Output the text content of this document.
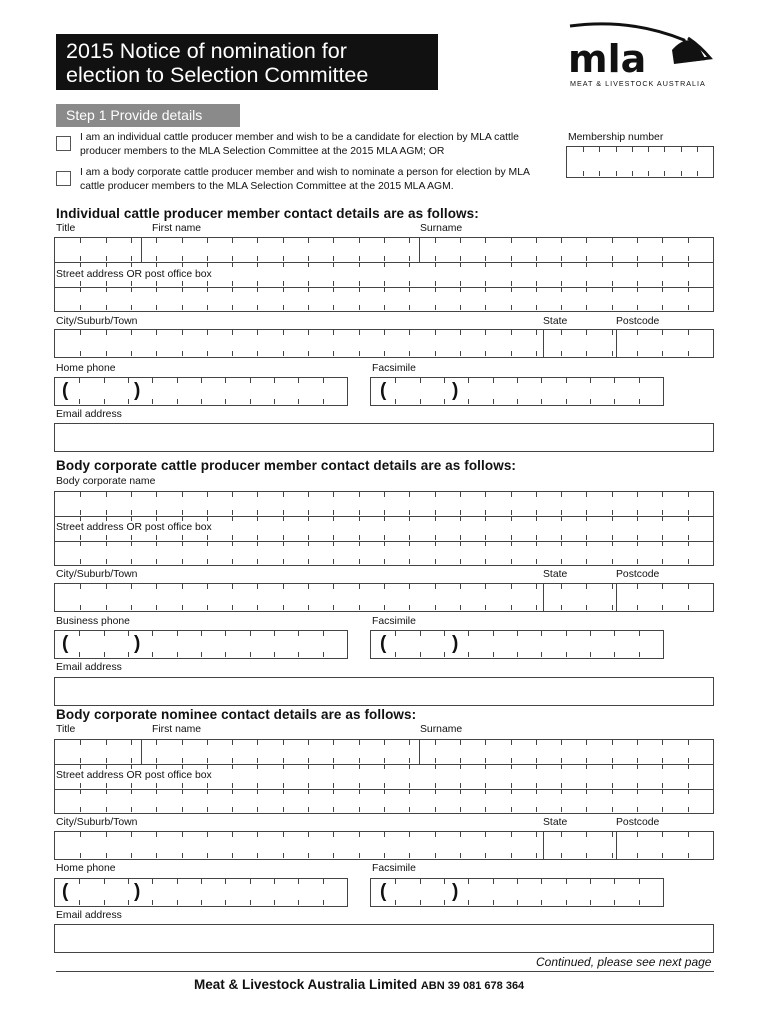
2015 Notice of nomination for
election to Selection Committee	mla
MEAT & LIVESTOCK AUSTRALIA
Step 1 Provide details
I am an individual cattle producer member and wish to be a candidate for election by MLA cattle producer members to the MLA Selection Committee at the 2015 MLA AGM; OR
I am a body corporate cattle producer member and wish to nominate a person for election by MLA cattle producer members to the MLA Selection Committee at the 2015 MLA AGM.
Membership number
Individual cattle producer member contact details are as follows:
Title	First name	Surname
Street address OR post office box
City/Suburb/Town	State	Postcode
Home phone	Facsimile
(	)	(	)
Email address
Body corporate cattle producer member contact details are as follows:
Body corporate name
Street address OR post office box
City/Suburb/Town	State	Postcode
Business phone	Facsimile
(	)	(	)
Email address
Body corporate nominee contact details are as follows:
Title	First name	Surname
Street address OR post office box
City/Suburb/Town	State	Postcode
Home phone	Facsimile
(	)	(	)
Email address
Continued, please see next page
Meat & Livestock Australia Limited ABN 39 081 678 364
